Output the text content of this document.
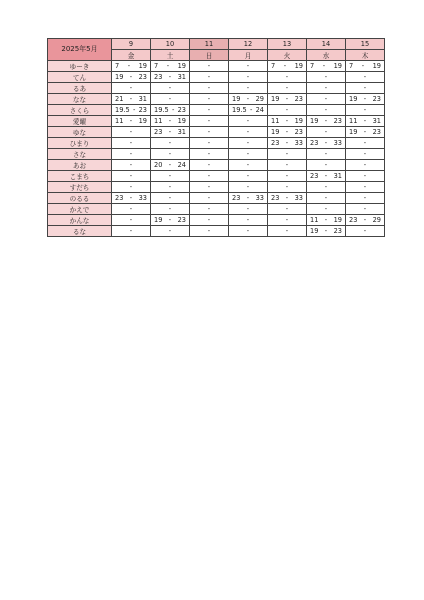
2025年5月	9	10	11	12	13	14	15
	金	土	日	月	火	水	木
ゆーき	7 - 19	7 - 19	-	-	7 - 19	7 - 19	7 - 19

てん	19 - 23	23 - 31	-	-	-	-	-

るあ	-	-	-	-	-	-	-

なな	21 - 31	-	-	19 - 29	19 - 23	-	19 - 23

さくら	19.5 - 23	19.5 - 23	-	19.5 - 24	-	-	-

愛曜	11 - 19	11 - 19	-	-	11 - 19	19 - 23	11 - 31

ゆな	-	23 - 31	-	-	19 - 23	-	19 - 23

ひまり	-	-	-	-	23 - 33	23 - 33	-

さな	-	-	-	-	-	-	-

あお	-	20 - 24	-	-	-	-	-

こまち	-	-	-	-	-	23 - 31	-

すだち	-	-	-	-	-	-	-

のるる	23 - 33	-	-	23 - 33	23 - 33	-	-

かえで	-	-	-	-	-	-	-

かんな	-	19 - 23	-	-	-	11 - 19	23 - 29

るな	-	-	-	-	-	19 - 23	-
